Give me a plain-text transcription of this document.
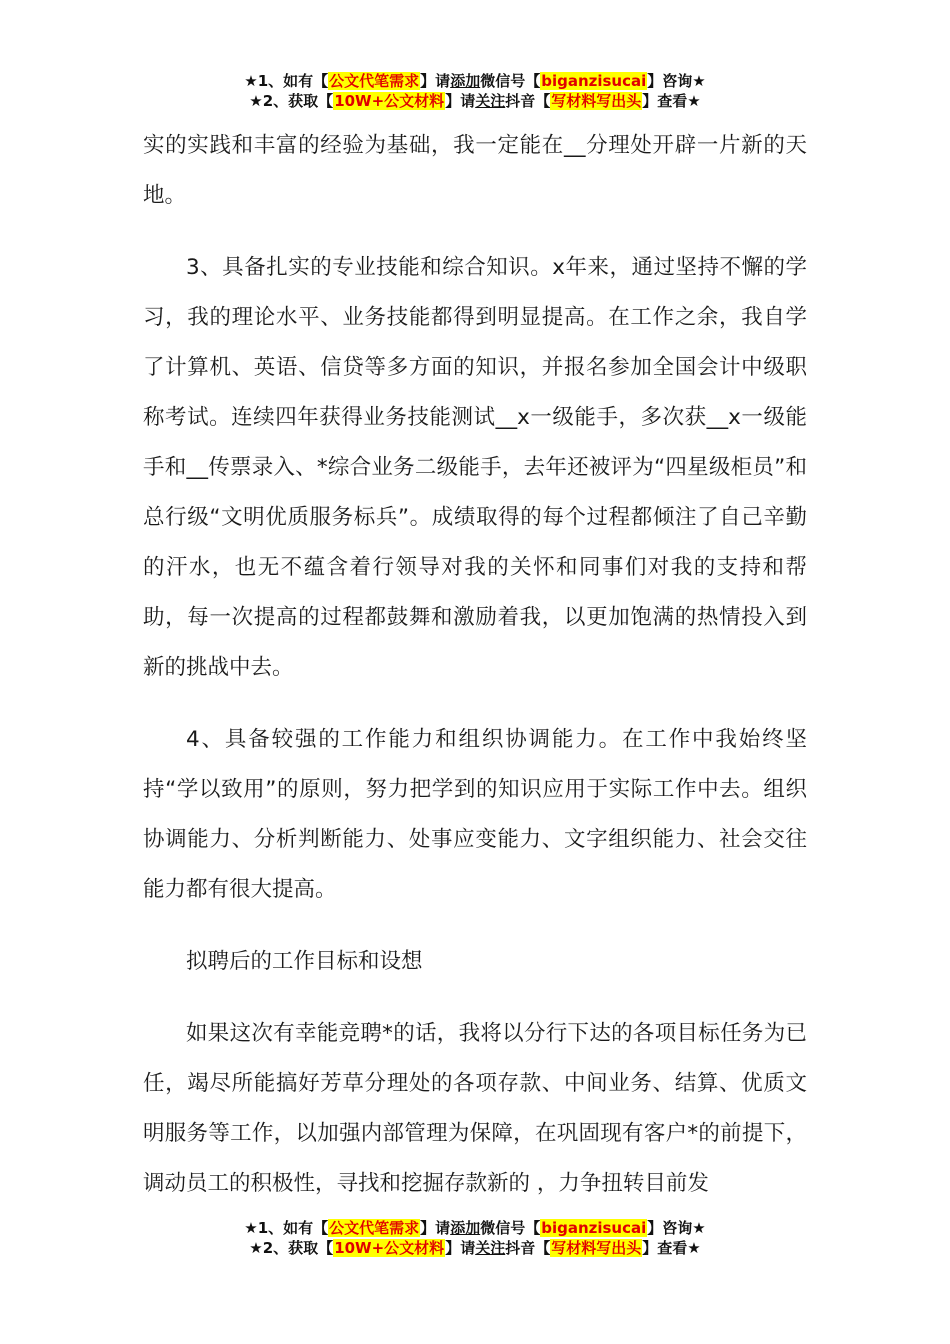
★1、如有【公文代笔需求】请添加微信号【biganzisucai】咨询★
★2、获取【10W+公文材料】请关注抖音【写材料写出头】查看★

实的实践和丰富的经验为基础，我一定能在__分理处开辟一片新的天地。

3、具备扎实的专业技能和综合知识。x年来，通过坚持不懈的学习，我的理论水平、业务技能都得到明显提高。在工作之余，我自学了计算机、英语、信贷等多方面的知识，并报名参加全国会计中级职称考试。连续四年获得业务技能测试__x一级能手，多次获__x一级能手和__传票录入、*综合业务二级能手，去年还被评为“四星级柜员”和总行级“文明优质服务标兵”。成绩取得的每个过程都倾注了自己辛勤的汗水，也无不蕴含着行领导对我的关怀和同事们对我的支持和帮助，每一次提高的过程都鼓舞和激励着我，以更加饱满的热情投入到新的挑战中去。

4、具备较强的工作能力和组织协调能力。在工作中我始终坚持“学以致用”的原则，努力把学到的知识应用于实际工作中去。组织协调能力、分析判断能力、处事应变能力、文字组织能力、社会交往能力都有很大提高。

拟聘后的工作目标和设想

如果这次有幸能竞聘*的话，我将以分行下达的各项目标任务为已任，竭尽所能搞好芳草分理处的各项存款、中间业务、结算、优质文明服务等工作，以加强内部管理为保障，在巩固现有客户*的前提下，调动员工的积极性，寻找和挖掘存款新的 ，力争扭转目前发

★1、如有【公文代笔需求】请添加微信号【biganzisucai】咨询★
★2、获取【10W+公文材料】请关注抖音【写材料写出头】查看★
